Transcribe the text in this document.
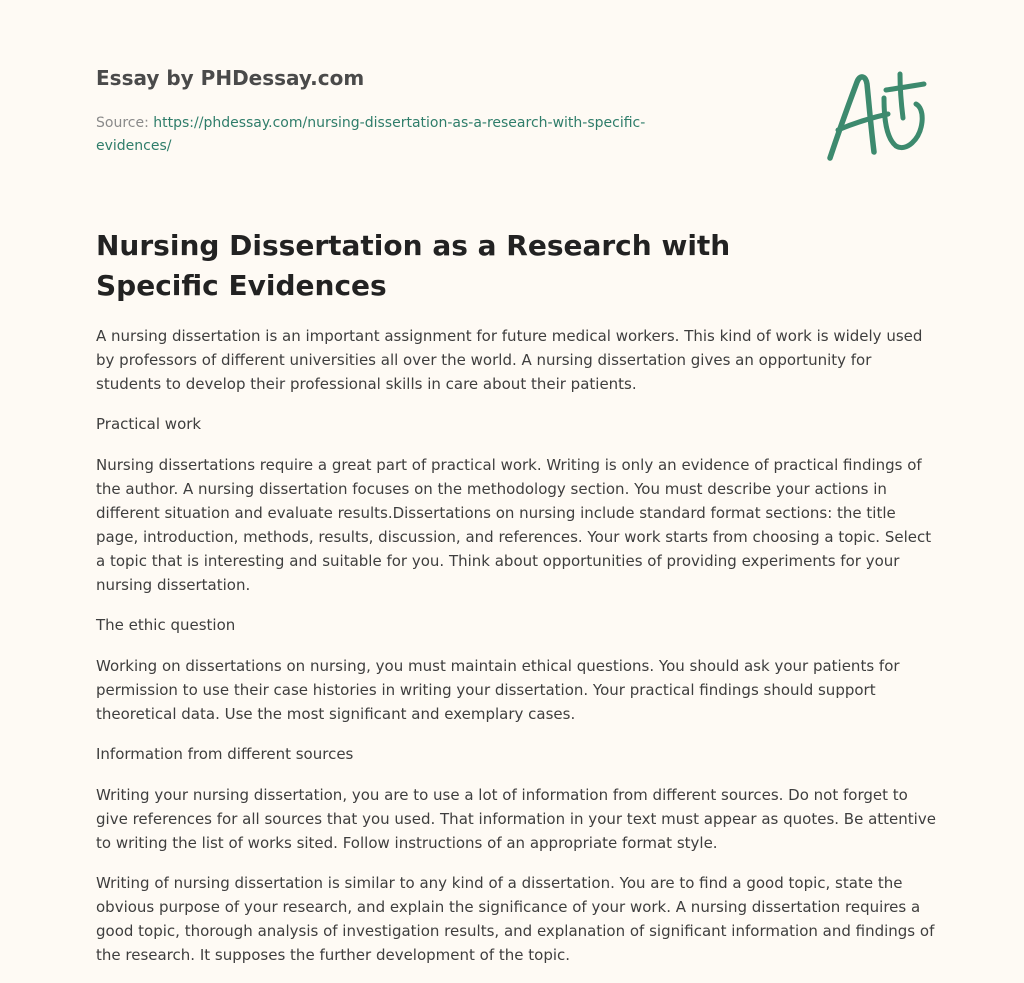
Essay by PHDessay.com
Source: https://phdessay.com/nursing-dissertation-as-a-research-with-specific-evidences/
Nursing Dissertation as a Research with Specific Evidences

A nursing dissertation is an important assignment for future medical workers. This kind of work is widely used by professors of different universities all over the world. A nursing dissertation gives an opportunity for students to develop their professional skills in care about their patients.

Practical work

Nursing dissertations require a great part of practical work. Writing is only an evidence of practical findings of the author. A nursing dissertation focuses on the methodology section. You must describe your actions in different situation and evaluate results.Dissertations on nursing include standard format sections: the title page, introduction, methods, results, discussion, and references. Your work starts from choosing a topic. Select a topic that is interesting and suitable for you. Think about opportunities of providing experiments for your nursing dissertation.

The ethic question

Working on dissertations on nursing, you must maintain ethical questions. You should ask your patients for permission to use their case histories in writing your dissertation. Your practical findings should support theoretical data. Use the most significant and exemplary cases.

Information from different sources

Writing your nursing dissertation, you are to use a lot of information from different sources. Do not forget to give references for all sources that you used. That information in your text must appear as quotes. Be attentive to writing the list of works sited. Follow instructions of an appropriate format style.

Writing of nursing dissertation is similar to any kind of a dissertation. You are to find a good topic, state the obvious purpose of your research, and explain the significance of your work. A nursing dissertation requires a good topic, thorough analysis of investigation results, and explanation of significant information and findings of the research. It supposes the further development of the topic.
